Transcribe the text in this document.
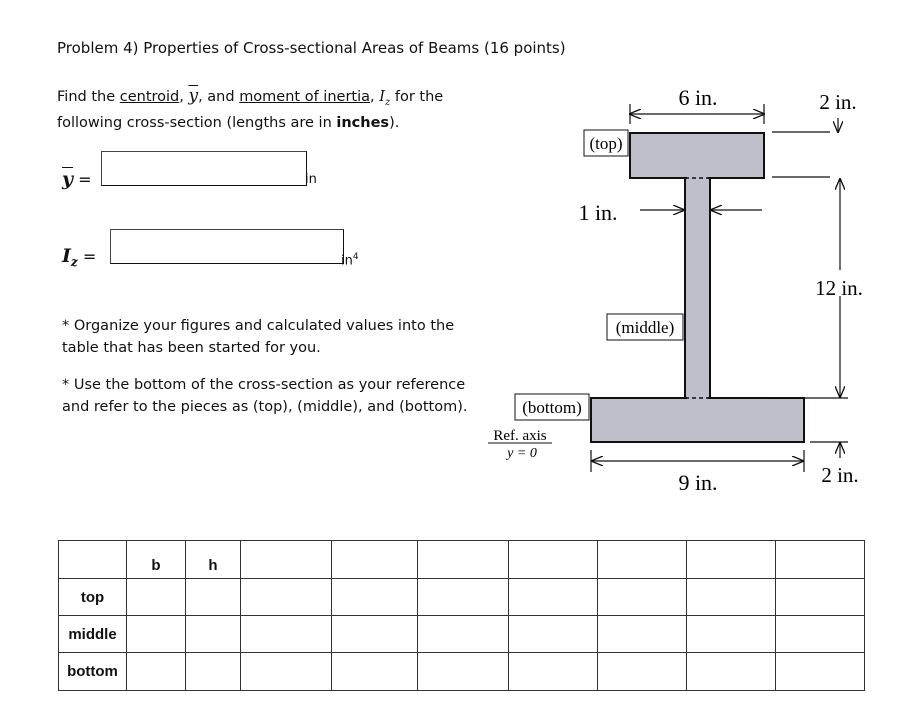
Problem 4) Properties of Cross-sectional Areas of Beams (16 points)
Find the centroid, $\overline{y}$, and moment of inertia, $I_z$ for the
following cross-section (lengths are in inches).
$\overline{y}$ =	in
$I_z$ =	$in^4$
* Organize your figures and calculated values into the table that has been started for you.
* Use the bottom of the cross-section as your reference and refer to the pieces as (top), (middle), and (bottom).
6 in.	2 in.
12 in.
2 in.
1 in.
9 in.
(top)
(middle)
(bottom)
Ref. axis
y = 0
	b	h							
top									
middle									
bottom									
